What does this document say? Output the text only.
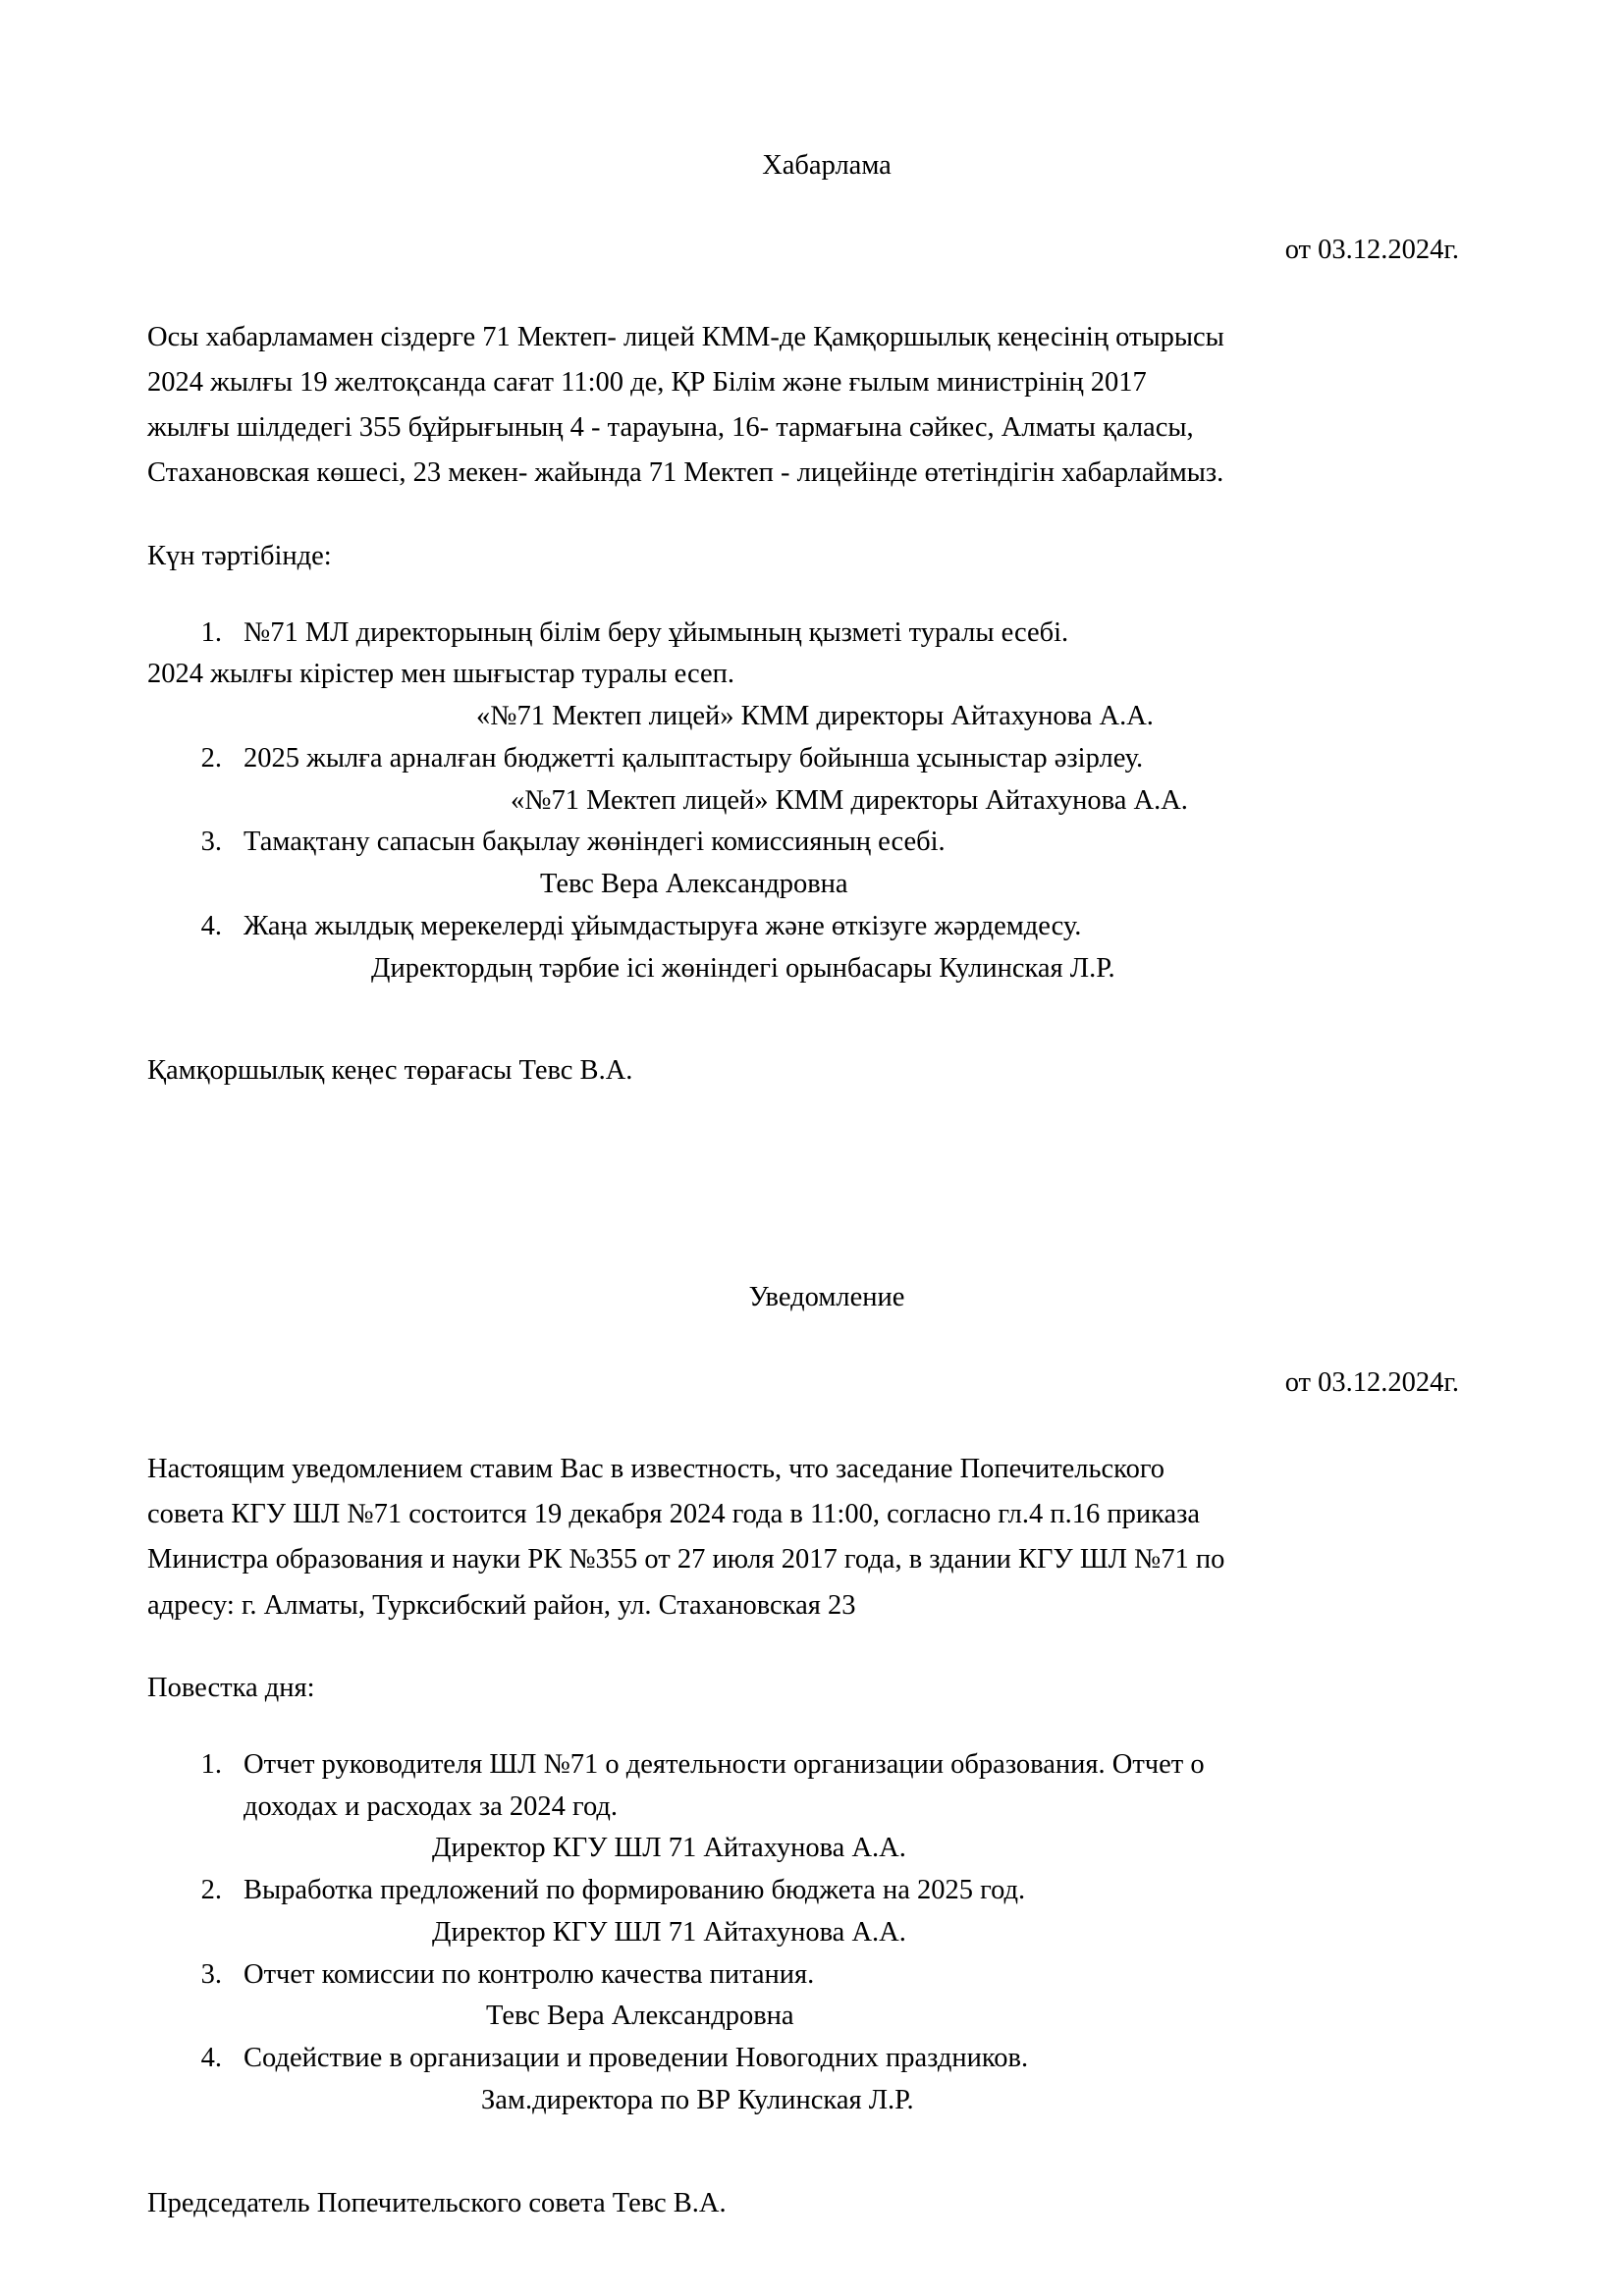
Хабарлама
от 03.12.2024г.
Осы хабарламамен сіздерге 71 Мектеп- лицей КММ-де Қамқоршылық кеңесінің отырысы
2024 жылғы 19 желтоқсанда сағат 11:00 де, ҚР Білім және ғылым министрінің 2017
жылғы шілдедегі 355 бұйрығының 4 - тарауына, 16- тармағына сәйкес, Алматы қаласы,
Стахановская көшесі, 23 мекен- жайында 71 Мектеп - лицейінде өтетіндігін хабарлаймыз.
Күн тәртібінде:
1. №71 МЛ директорының білім беру ұйымының қызметі туралы есебі.
2024 жылғы кірістер мен шығыстар туралы есеп.
«№71 Мектеп лицей» КММ директоры Айтахунова А.А.
2. 2025 жылға арналған бюджетті қалыптастыру бойынша ұсыныстар әзірлеу.
«№71 Мектеп лицей» КММ директоры Айтахунова А.А.
3. Тамақтану сапасын бақылау жөніндегі комиссияның есебі.
Тевс Вера Александровна
4. Жаңа жылдық мерекелерді ұйымдастыруға және өткізуге жәрдемдесу.
Директордың тәрбие ісі жөніндегі орынбасары Кулинская Л.Р.
Қамқоршылық кеңес төрағасы Тевс В.А.
Уведомление
от 03.12.2024г.
Настоящим уведомлением ставим Вас в известность, что заседание Попечительского
совета КГУ ШЛ №71 состоится 19 декабря 2024 года в 11:00, согласно гл.4 п.16 приказа
Министра образования и науки РК №355 от 27 июля 2017 года, в здании КГУ ШЛ №71 по
адресу: г. Алматы, Турксибский район, ул. Стахановская 23
Повестка дня:
1. Отчет руководителя ШЛ №71 о деятельности организации образования. Отчет о
доходах и расходах за 2024 год.
Директор КГУ ШЛ 71 Айтахунова А.А.
2. Выработка предложений по формированию бюджета на 2025 год.
Директор КГУ ШЛ 71 Айтахунова А.А.
3. Отчет комиссии по контролю качества питания.
Тевс Вера Александровна
4. Содействие в организации и проведении Новогодних праздников.
Зам.директора по ВР Кулинская Л.Р.
Председатель Попечительского совета Тевс В.А.
